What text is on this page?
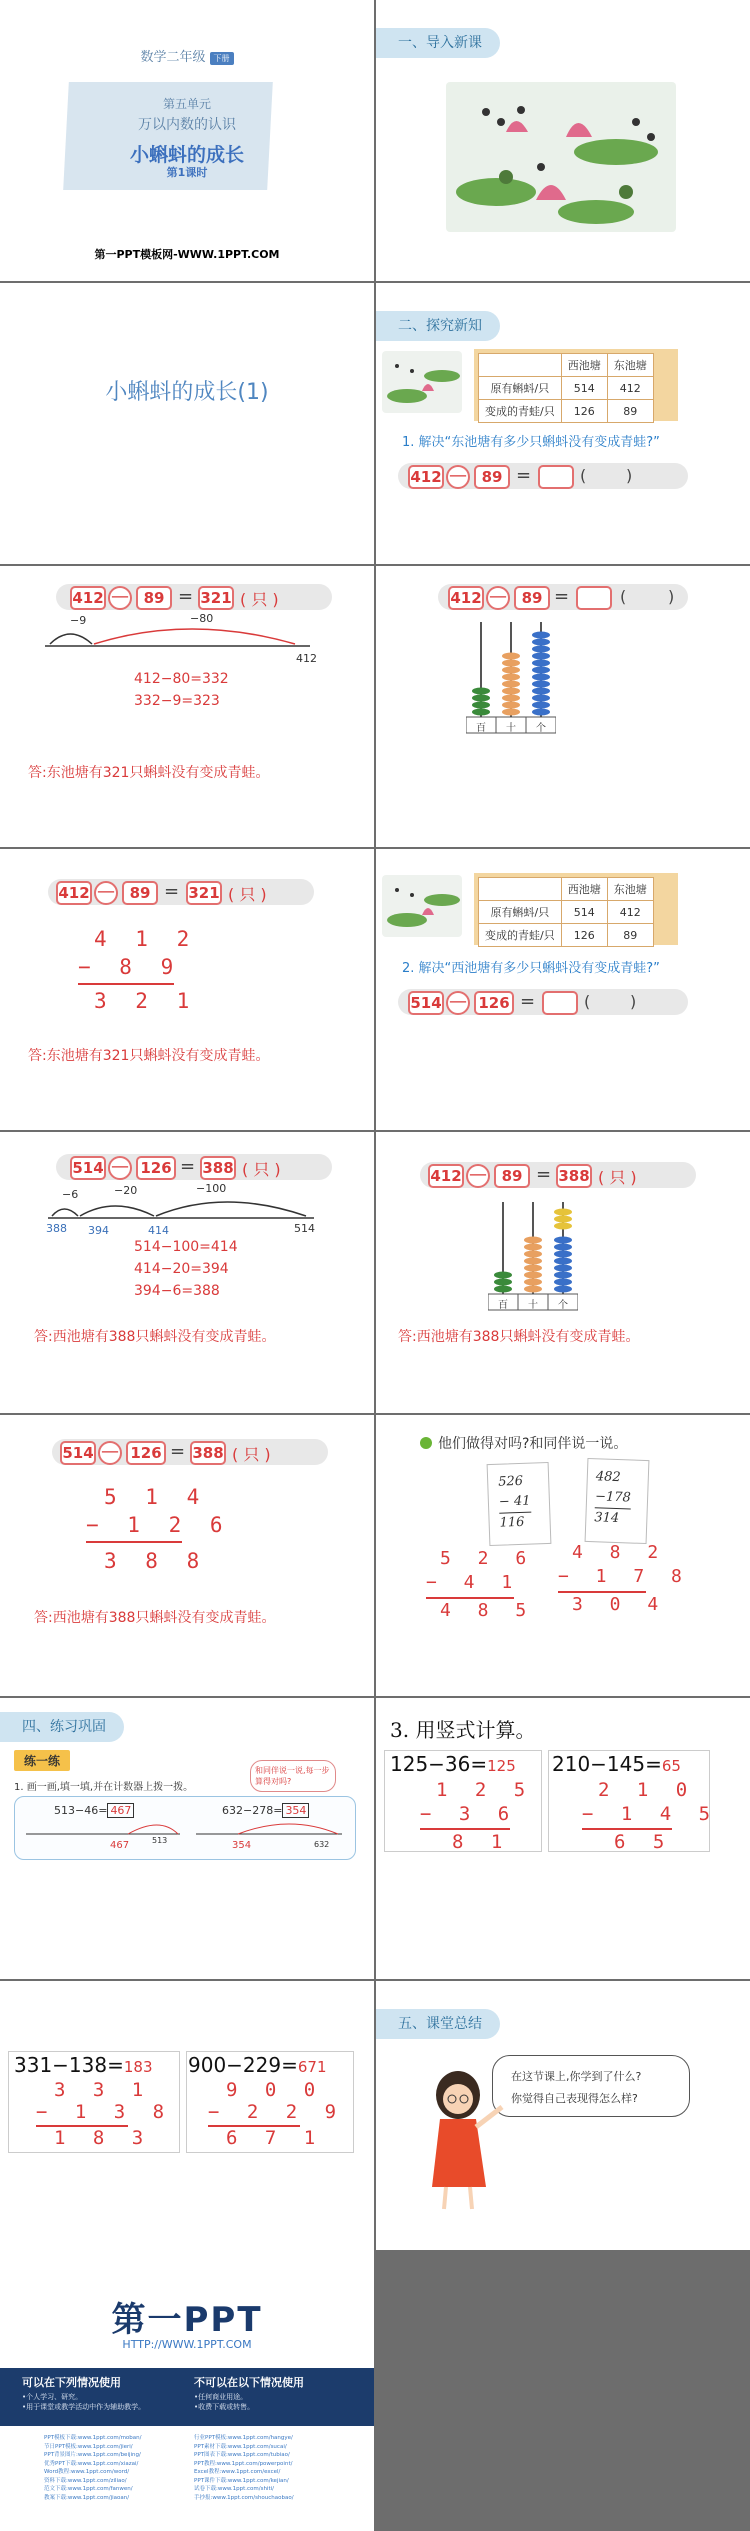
数学二年级 下册
第五单元
万以内数的认识
小蝌蚪的成长
第1课时
第一PPT模板网-WWW.1PPT.COM
一、导入新课
小蝌蚪的成长(1)
二、探究新知
	西池塘	东池塘
原有蝌蚪/只	514	412
变成的青蛙/只	126	89
1. 解决“东池塘有多少只蝌蚪没有变成青蛙?”
412 — 89 =	( )
412 — 89 = 321 ( 只 )
−9	−80
412
412−80=332
332−9=323
答:东池塘有321只蝌蚪没有变成青蛙。
412 — 89 =	(	)
百 十 个
412 — 89 = 321 ( 只 )
4 1 2
− 8 9
3 2 1
答:东池塘有321只蝌蚪没有变成青蛙。
	西池塘	东池塘
原有蝌蚪/只	514	412
变成的青蛙/只	126	89
2. 解决“西池塘有多少只蝌蚪没有变成青蛙?”
514 — 126 =	( )
514 — 126 = 388 ( 只 )
−6	−20	−100
388 394	414	514
514−100=414
414−20=394
394−6=388
答:西池塘有388只蝌蚪没有变成青蛙。
412 — 89 = 388 ( 只 )
百 十 个
答:西池塘有388只蝌蚪没有变成青蛙。
514 — 126 = 388 ( 只 )
5 1 4
− 1 2 6
3 8 8
答:西池塘有388只蝌蚪没有变成青蛙。
他们做得对吗?和同伴说一说。
526
− 41
116
482
−178
314
5 2 6
− 4 1
4 8 5
4 8 2
− 1 7 8
3 0 4
四、练习巩固
练一练
1. 画一画,填一填,并在计数器上拨一拨。
和同伴说一说,每一步算得对吗?
513−46= 467	632−278= 354
467	513	354	632
3. 用竖式计算。
125−36=125 210−145=65
1 2 5
− 3 6
8 1
2 1 0
− 1 4 5
6 5
331−138=183 900−229=671
3 3 1
− 1 3 8
1 8 3
9 0 0
− 2 2 9
6 7 1
五、课堂总结
在这节课上,你学到了什么?
你觉得自己表现得怎么样?
第一PPT
HTTP://WWW.1PPT.COM
可以在下列情况使用
•个人学习、研究。
•用于课堂或教学活动中作为辅助教学。
不可以在以下情况使用
•任何商业用途。
•收费下载或转售。
PPT模板下载:www.1ppt.com/moban/
节日PPT模板:www.1ppt.com/jieri/
PPT背景图片:www.1ppt.com/beijing/
优秀PPT下载:www.1ppt.com/xiazai/
Word教程:www.1ppt.com/word/
资料下载:www.1ppt.com/ziliao/
范文下载:www.1ppt.com/fanwen/
教案下载:www.1ppt.com/jiaoan/
行业PPT模板:www.1ppt.com/hangye/
PPT素材下载:www.1ppt.com/sucai/
PPT图表下载:www.1ppt.com/tubiao/
PPT教程:www.1ppt.com/powerpoint/
Excel教程:www.1ppt.com/excel/
PPT课件下载:www.1ppt.com/kejian/
试卷下载:www.1ppt.com/shiti/
手抄报:www.1ppt.com/shouchaobao/
